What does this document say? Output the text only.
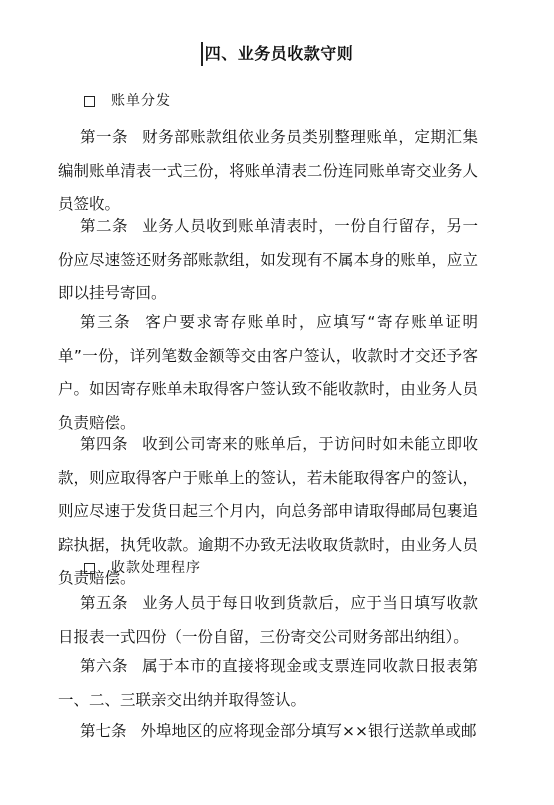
四、业务员收款守则
账单分发

第一条 财务部账款组依业务员类别整理账单，定期汇集编制账单清表一式三份，将账单清表二份连同账单寄交业务人员签收。

第二条 业务人员收到账单清表时，一份自行留存，另一份应尽速签还财务部账款组，如发现有不属本身的账单，应立即以挂号寄回。

第三条 客户要求寄存账单时，应填写“寄存账单证明单”一份，详列笔数金额等交由客户签认，收款时才交还予客户。如因寄存账单未取得客户签认致不能收款时，由业务人员负责赔偿。

第四条 收到公司寄来的账单后，于访问时如未能立即收款，则应取得客户于账单上的签认，若未能取得客户的签认，则应尽速于发货日起三个月内，向总务部申请取得邮局包裹追踪执据，执凭收款。逾期不办致无法收取货款时，由业务人员负责赔偿。

收款处理程序

第五条 业务人员于每日收到货款后，应于当日填写收款日报表一式四份（一份自留，三份寄交公司财务部出纳组）。

第六条 属于本市的直接将现金或支票连同收款日报表第一、二、三联亲交出纳并取得签认。

第七条 外埠地区的应将现金部分填写××银行送款单或邮
